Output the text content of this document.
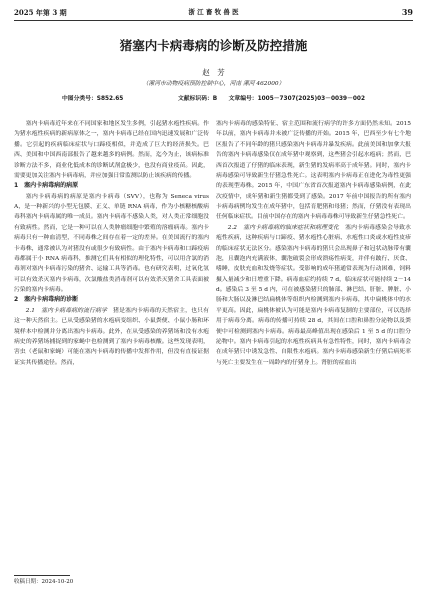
2025 年第 3 期	浙 江 畜 牧 兽 医	39
猪塞内卡病毒病的诊断及防控措施
赵　芳
（漯河市动物疫病预防控制中心，河南 漯河 462000）
中图分类号：S852.65	文献标识码：B 文章编号：1005－7307(2025)03－0039－002

塞内卡病毒近年来在不同国家和地区发生多例，引起猪水疱性疾病。作为猪水疱性疾病的新病原体之一，塞内卡病毒已经在国内迅速发展和广泛传播。它引起的疾病临床症状与口蹄疫相似，并造成了巨大的经济损失。巴西、美国和中国西南部报告了越来越多的病例。然而，迄今为止，该病标准诊断方法不多，商业化低成本的诊断试剂盒极少，也没有商业疫苗。因此，需要更加关注塞内卡病毒病，并应加强日常监测以防止该疾病的传播。

1　塞内卡病毒病的病原

塞内卡病毒病的病原是塞内卡病毒（SVV），也称为 Seneca virus A，是一种新兴的小型无包膜、正义、单链 RNA 病毒，作为小核糖核酸病毒科塞内卡病毒属的唯一成员。塞内卡病毒不感染人类，对人类正常细胞没有致病性。然而，它是一种可以在人类肿瘤细胞中繁殖的溶瘤病毒。塞内卡病毒只有一种血清型，不同毒株之间存在着一定的差异。在美国流行的塞内卡毒株，通常被认为对猪没有或很少有致病性。由于塞内卡病毒和口蹄疫病毒都属于小 RNA 病毒科，推测它们具有相似的理化特性，可以用含氯的消毒剂对塞内卡病毒污染的猪舍、运输工具等消毒。也有研究表明，过氧化氢可以有效杀灭塞内卡病毒，次氯酸盐类消毒剂可以有效杀灭猪舍工具表面被污染的塞内卡病毒。

2　塞内卡病毒病的诊断

2.1　塞内卡病毒病的流行病学　 猪是塞内卡病毒的天然宿主，也只有这一种天然宿主。已从受感染猪的水疱病变组织、小鼠粪便、小鼠小肠和环境样本中检测并分离出塞内卡病毒。此外，在从受感染的养猪场和没有水疱病史的养猪场捕捉到的家蝇中也检测到了塞内卡病毒核酸。这些发现表明，害虫（老鼠和家蝇）可能在塞内卡病毒的传播中发挥作用，但没有直接证据证实其传播途径。然而，

塞内卡病毒的感染特征、宿主范围和流行病学的许多方面仍然未知。2015 年以前，塞内卡病毒并未被广泛传播的开始。2015 年，巴西至少有七个地区报告了不同年龄的猪只感染塞内卡病毒并暴发疾病。此前美国和加拿大报告的塞内卡病毒感染仅在成年猪中观察到，这些猪会引起水疱病；然而，巴西首次报道了仔猪的临床表现，新生猪的发病率高于成年猪。同时，塞内卡病毒感染可导致新生仔猪急性死亡。这表明塞内卡病毒正在进化为毒性更强的表现型毒株。2015 年，中国广东省首次报道塞内卡病毒感染病例，在此次疫情中，成年猪和新生猪都受到了感染。2017 年前中国报告的所有塞内卡病毒病例均发生在成年猪中，包括育肥猪和母猪；然而，仔猪没有表现出任何临床症状。目前中国存在的塞内卡病毒毒株可导致新生仔猪急性死亡。

2.2　塞内卡病毒病的临床症状和病理变化　 塞内卡病毒感染会导致水疱性疾病，这种疾病与口蹄疫、猪水疱性心脏病、水疱性口炎或水疱性皮疹的临床症状无法区分。感染塞内卡病毒的猪只会出现鼻子和冠状动脉带有囊泡，且囊泡内充满液体，囊泡破裂会形成溃疡性病变，并伴有跛行、厌食、嗜睡，皮肤充血和发烧等症状。受影响的成年猪通常表现为行动困难，饲料摄入量减少和日增重下降。病毒血症约持续 7 d，临床症状可能持续 2－14 d。感染后 3 至 5 d 内，可在被感染猪只的肺部、淋巴结、肝脏、脾脏、小肠和大肠以及淋巴结扁桃体等组织内检测到塞内卡病毒，其中扁桃体中的水平更高。因此，扁桃体被认为可能是塞内卡病毒复制的主要部位，可以选择用于病毒分离。病毒的传播可持续 28 d，其间在口腔和鼻腔分泌物以及粪便中可检测到塞内卡病毒。病毒最高峰值出现在感染后 1 至 5 d 的口腔分泌物中。塞内卡病毒引起的水疱性疾病具有急性特性，同时，塞内卡病毒会在成年猪只中诱发急性、自限性水疱病。塞内卡病毒感染新生仔猪后病死率与死亡主要发生在一周龄内的仔猪身上。肾脏的症血出

收稿日期：2024-10-20
